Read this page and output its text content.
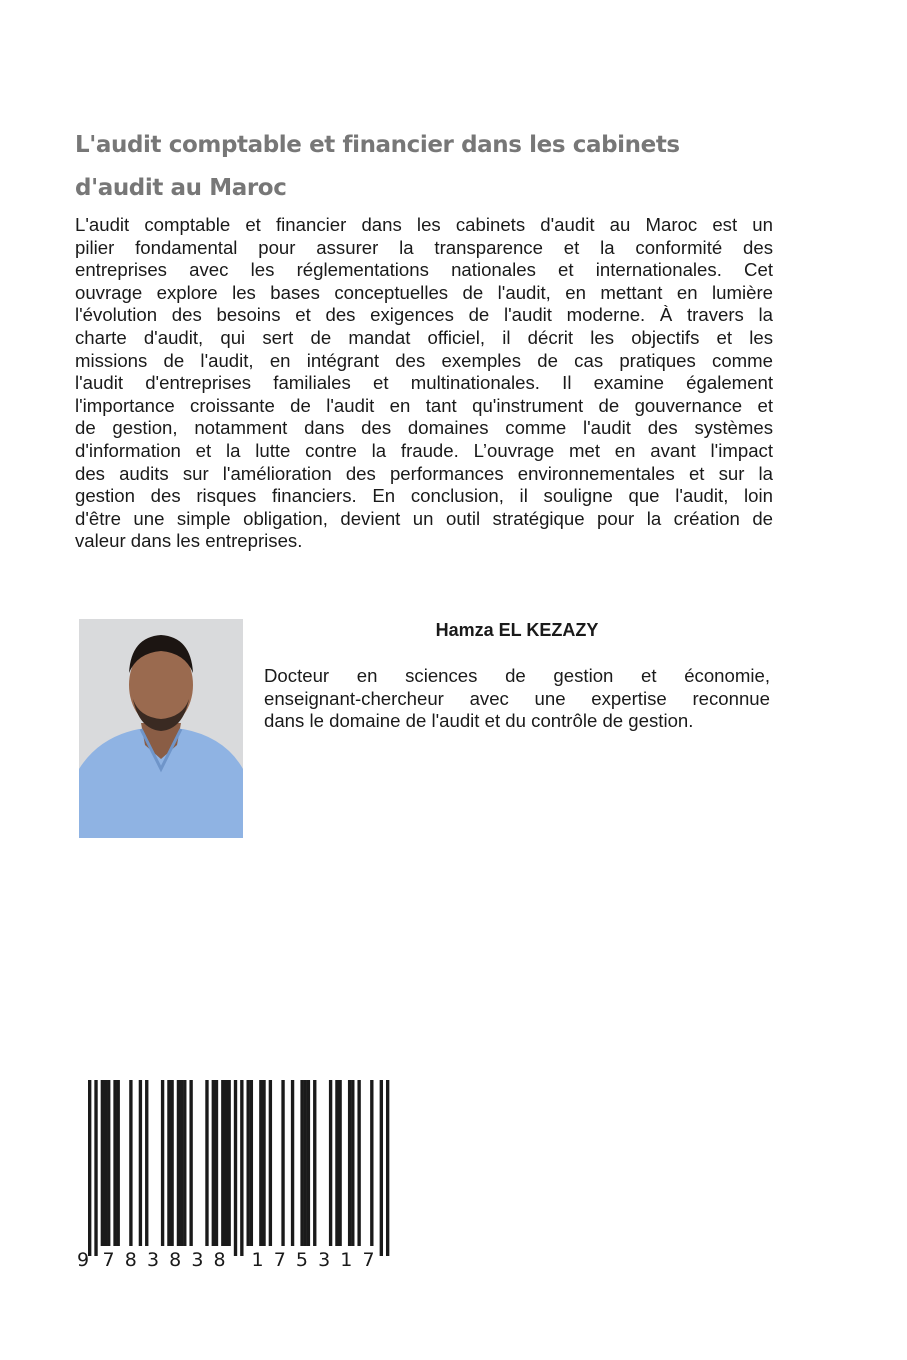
L'audit comptable et financier dans les cabinets
d'audit au Maroc
L'audit comptable et financier dans les cabinets d'audit au Maroc est un
pilier fondamental pour assurer la transparence et la conformité des
entreprises avec les réglementations nationales et internationales. Cet
ouvrage explore les bases conceptuelles de l'audit, en mettant en lumière
l'évolution des besoins et des exigences de l'audit moderne. À travers la
charte d'audit, qui sert de mandat officiel, il décrit les objectifs et les
missions de l'audit, en intégrant des exemples de cas pratiques comme
l'audit d'entreprises familiales et multinationales. Il examine également
l'importance croissante de l'audit en tant qu'instrument de gouvernance et
de gestion, notamment dans des domaines comme l'audit des systèmes
d'information et la lutte contre la fraude. L’ouvrage met en avant l'impact
des audits sur l'amélioration des performances environnementales et sur la
gestion des risques financiers. En conclusion, il souligne que l'audit, loin
d'être une simple obligation, devient un outil stratégique pour la création de
valeur dans les entreprises.
Hamza EL KEZAZY
Docteur en sciences de gestion et économie,
enseignant-chercheur avec une expertise reconnue
dans le domaine de l'audit et du contrôle de gestion.
9 7 8 3 8 3 8 1 7 5 3 1 7
